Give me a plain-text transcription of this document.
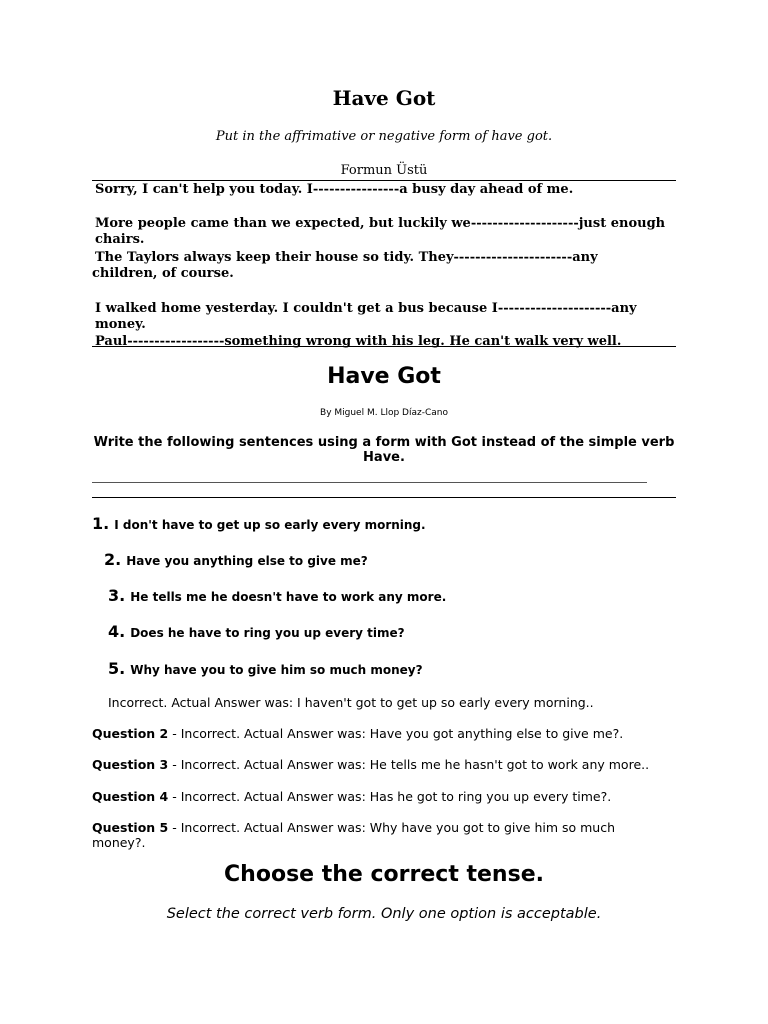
Have Got
Put in the affrimative or negative form of have got.
Formun Üstü
Sorry, I can't help you today. I----------------a busy day ahead of me.
More people came than we expected, but luckily we--------------------just enough chairs.
The Taylors always keep their house so tidy. They----------------------any children, of course.
I walked home yesterday. I couldn't get a bus because I---------------------any money.
Paul------------------something wrong with his leg. He can't walk very well.
Have Got
By Miguel M. Llop Díaz-Cano
Write the following sentences using a form with Got instead of the simple verb Have.
1. I don't have to get up so early every morning.
2. Have you anything else to give me?
3. He tells me he doesn't have to work any more.
4. Does he have to ring you up every time?
5. Why have you to give him so much money?
Incorrect. Actual Answer was: I haven't got to get up so early every morning..
Question 2 - Incorrect. Actual Answer was: Have you got anything else to give me?.
Question 3 - Incorrect. Actual Answer was: He tells me he hasn't got to work any more..
Question 4 - Incorrect. Actual Answer was: Has he got to ring you up every time?.
Question 5 - Incorrect. Actual Answer was: Why have you got to give him so much money?.
Choose the correct tense.
Select the correct verb form. Only one option is acceptable.
